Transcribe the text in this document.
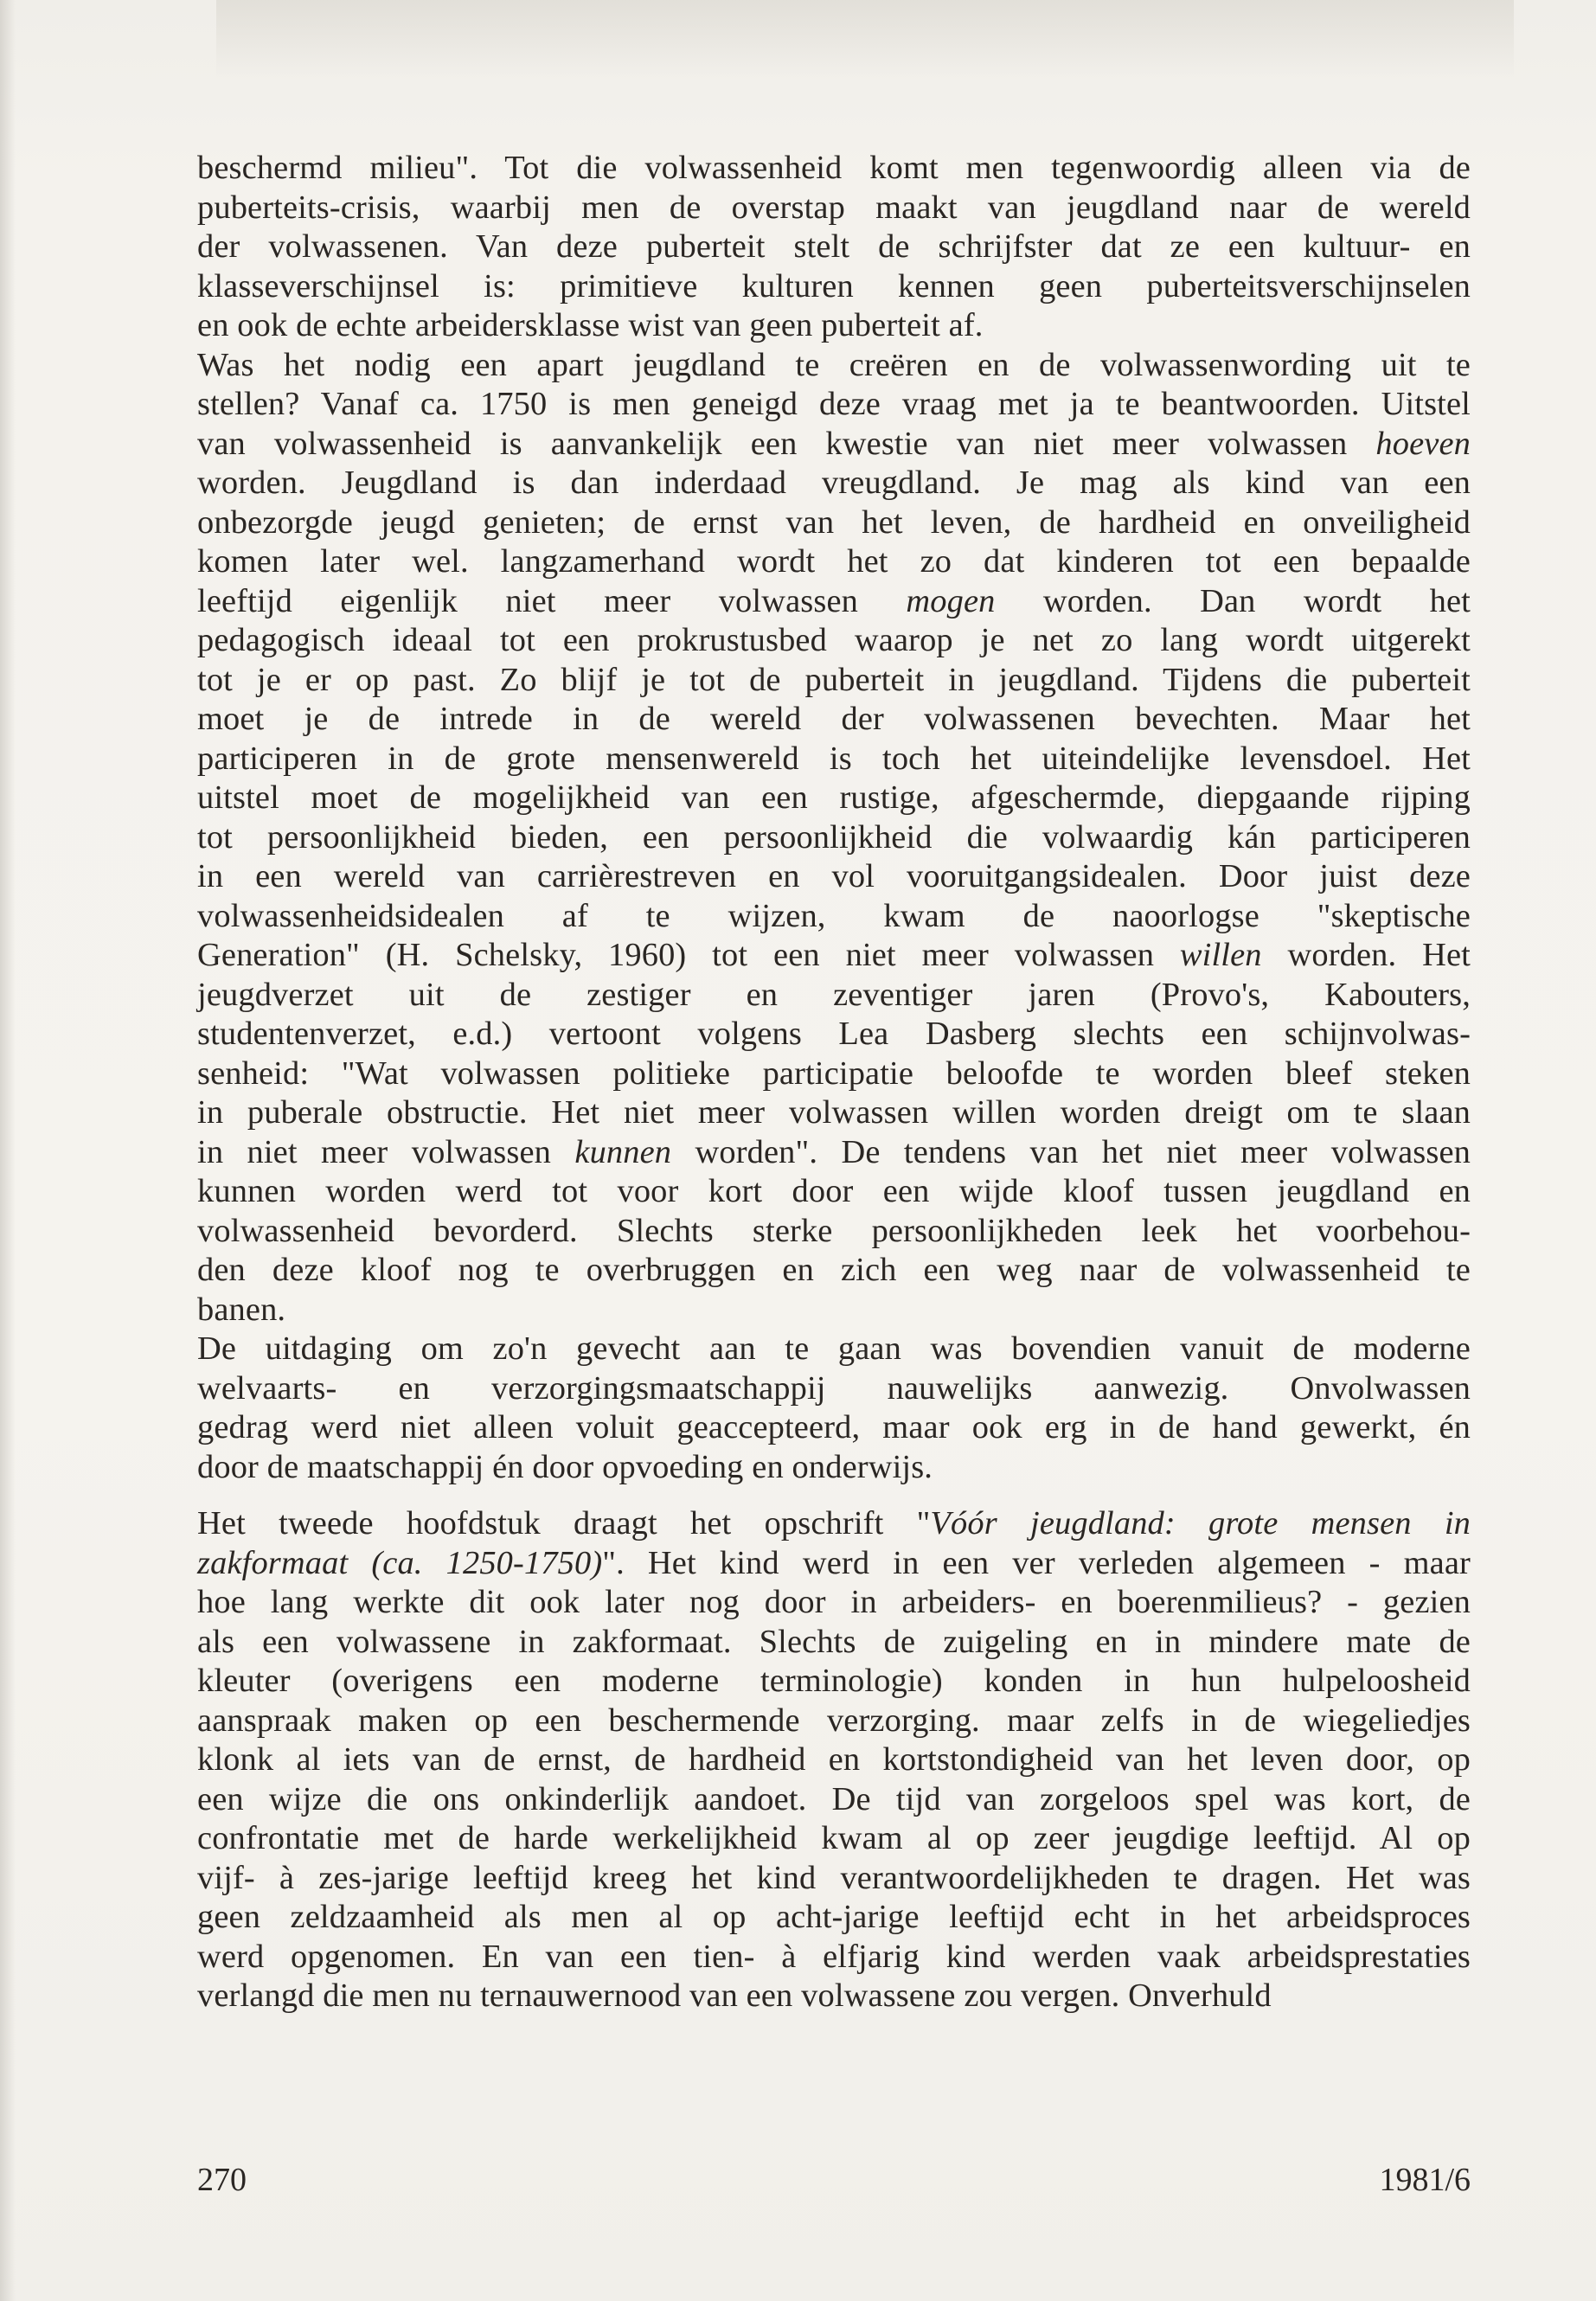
beschermd milieu". Tot die volwassenheid komt men tegenwoordig alleen via de
puberteits-crisis, waarbij men de overstap maakt van jeugdland naar de wereld
der volwassenen. Van deze puberteit stelt de schrijfster dat ze een kultuur- en
klasseverschijnsel is: primitieve kulturen kennen geen puberteitsverschijnselen
en ook de echte arbeidersklasse wist van geen puberteit af.
Was het nodig een apart jeugdland te creëren en de volwassenwording uit te
stellen? Vanaf ca. 1750 is men geneigd deze vraag met ja te beantwoorden. Uitstel
van volwassenheid is aanvankelijk een kwestie van niet meer volwassen hoeven
worden. Jeugdland is dan inderdaad vreugdland. Je mag als kind van een
onbezorgde jeugd genieten; de ernst van het leven, de hardheid en onveiligheid
komen later wel. langzamerhand wordt het zo dat kinderen tot een bepaalde
leeftijd eigenlijk niet meer volwassen mogen worden. Dan wordt het
pedagogisch ideaal tot een prokrustusbed waarop je net zo lang wordt uitgerekt
tot je er op past. Zo blijf je tot de puberteit in jeugdland. Tijdens die puberteit
moet je de intrede in de wereld der volwassenen bevechten. Maar het
participeren in de grote mensenwereld is toch het uiteindelijke levensdoel. Het
uitstel moet de mogelijkheid van een rustige, afgeschermde, diepgaande rijping
tot persoonlijkheid bieden, een persoonlijkheid die volwaardig kán participeren
in een wereld van carrièrestreven en vol vooruitgangsidealen. Door juist deze
volwassenheidsidealen af te wijzen, kwam de naoorlogse "skeptische
Generation" (H. Schelsky, 1960) tot een niet meer volwassen willen worden. Het
jeugdverzet uit de zestiger en zeventiger jaren (Provo's, Kabouters,
studentenverzet, e.d.) vertoont volgens Lea Dasberg slechts een schijnvolwas-
senheid: "Wat volwassen politieke participatie beloofde te worden bleef steken
in puberale obstructie. Het niet meer volwassen willen worden dreigt om te slaan
in niet meer volwassen kunnen worden". De tendens van het niet meer volwassen
kunnen worden werd tot voor kort door een wijde kloof tussen jeugdland en
volwassenheid bevorderd. Slechts sterke persoonlijkheden leek het voorbehou-
den deze kloof nog te overbruggen en zich een weg naar de volwassenheid te
banen.
De uitdaging om zo'n gevecht aan te gaan was bovendien vanuit de moderne
welvaarts- en verzorgingsmaatschappij nauwelijks aanwezig. Onvolwassen
gedrag werd niet alleen voluit geaccepteerd, maar ook erg in de hand gewerkt, én
door de maatschappij én door opvoeding en onderwijs.
Het tweede hoofdstuk draagt het opschrift "Vóór jeugdland: grote mensen in
zakformaat (ca. 1250-1750)". Het kind werd in een ver verleden algemeen - maar
hoe lang werkte dit ook later nog door in arbeiders- en boerenmilieus? - gezien
als een volwassene in zakformaat. Slechts de zuigeling en in mindere mate de
kleuter (overigens een moderne terminologie) konden in hun hulpeloosheid
aanspraak maken op een beschermende verzorging. maar zelfs in de wiegeliedjes
klonk al iets van de ernst, de hardheid en kortstondigheid van het leven door, op
een wijze die ons onkinderlijk aandoet. De tijd van zorgeloos spel was kort, de
confrontatie met de harde werkelijkheid kwam al op zeer jeugdige leeftijd. Al op
vijf- à zes-jarige leeftijd kreeg het kind verantwoordelijkheden te dragen. Het was
geen zeldzaamheid als men al op acht-jarige leeftijd echt in het arbeidsproces
werd opgenomen. En van een tien- à elfjarig kind werden vaak arbeidsprestaties
verlangd die men nu ternauwernood van een volwassene zou vergen. Onverhuld
270	1981/6
